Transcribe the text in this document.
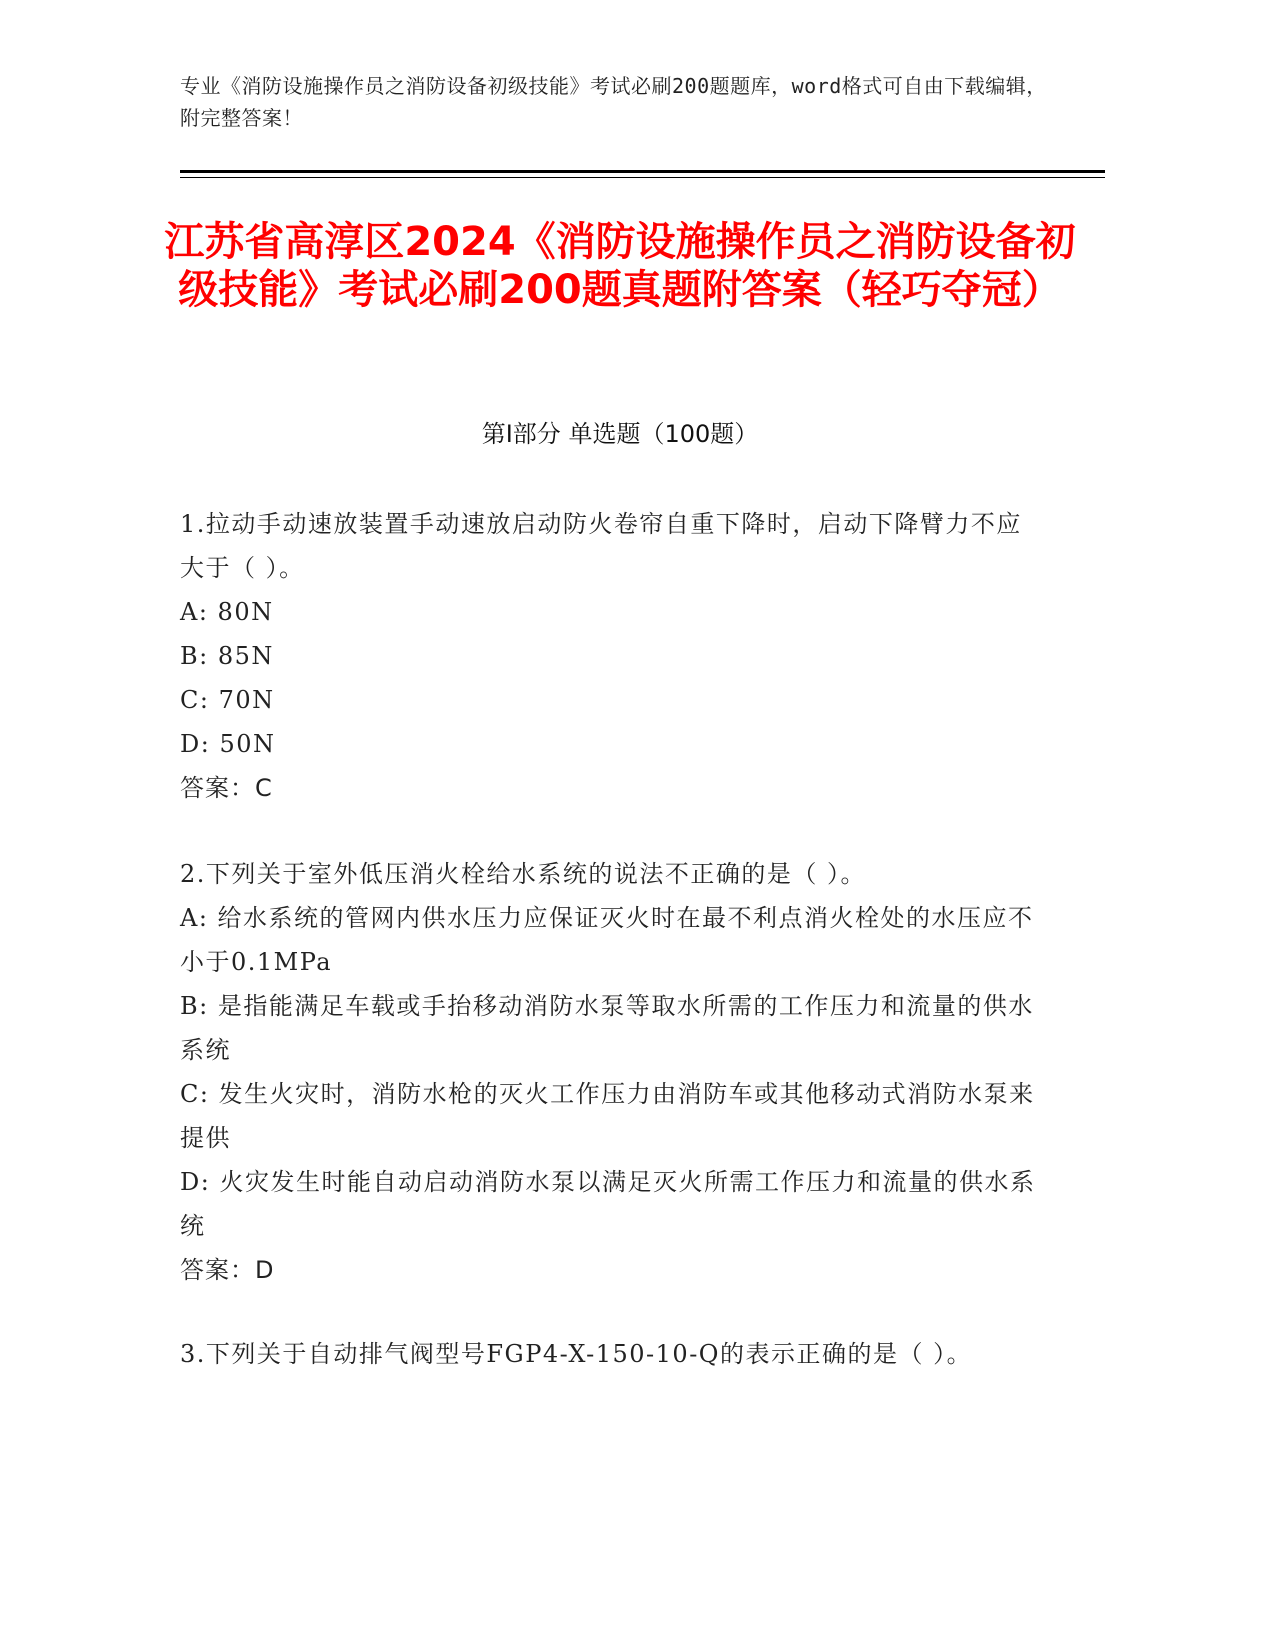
专业《消防设施操作员之消防设备初级技能》考试必刷200题题库，word格式可自由下载编辑，附完整答案！
江苏省高淳区2024《消防设施操作员之消防设备初级技能》考试必刷200题真题附答案（轻巧夺冠）
第I部分 单选题（100题）

1.拉动手动速放装置手动速放启动防火卷帘自重下降时，启动下降臂力不应大于（ ）。

A: 80N

B: 85N

C: 70N

D: 50N

答案：C

2.下列关于室外低压消火栓给水系统的说法不正确的是（ ）。

A: 给水系统的管网内供水压力应保证灭火时在最不利点消火栓处的水压应不小于0.1MPa

B: 是指能满足车载或手抬移动消防水泵等取水所需的工作压力和流量的供水系统

C: 发生火灾时，消防水枪的灭火工作压力由消防车或其他移动式消防水泵来提供

D: 火灾发生时能自动启动消防水泵以满足灭火所需工作压力和流量的供水系统

答案：D

3.下列关于自动排气阀型号FGP4-X-150-10-Q的表示正确的是（ ）。
